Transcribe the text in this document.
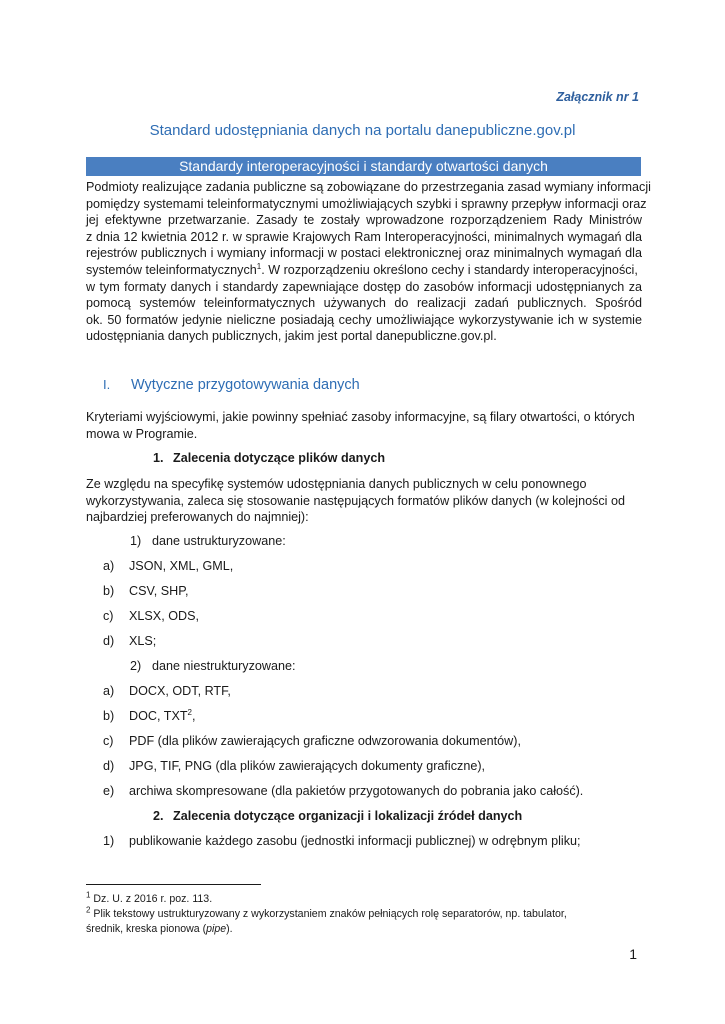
Załącznik nr 1
Standard udostępniania danych na portalu danepubliczne.gov.pl
Standardy interoperacyjności i standardy otwartości danych
Podmioty realizujące zadania publiczne są zobowiązane do przestrzegania zasad wymiany informacji
pomiędzy systemami teleinformatycznymi umożliwiających szybki i sprawny przepływ informacji oraz
jej efektywne przetwarzanie. Zasady te zostały wprowadzone rozporządzeniem Rady Ministrów
z dnia 12 kwietnia 2012 r. w sprawie Krajowych Ram Interoperacyjności, minimalnych wymagań dla
rejestrów publicznych i wymiany informacji w postaci elektronicznej oraz minimalnych wymagań dla
systemów teleinformatycznych$^1$. W rozporządzeniu określono cechy i standardy interoperacyjności,
w tym formaty danych i standardy zapewniające dostęp do zasobów informacji udostępnianych za
pomocą systemów teleinformatycznych używanych do realizacji zadań publicznych. Spośród
ok. 50 formatów jedynie nieliczne posiadają cechy umożliwiające wykorzystywanie ich w systemie
udostępniania danych publicznych, jakim jest portal danepubliczne.gov.pl.
I. Wytyczne przygotowywania danych
Kryteriami wyjściowymi, jakie powinny spełniać zasoby informacyjne, są filary otwartości, o których
mowa w Programie.
1. Zalecenia dotyczące plików danych
Ze względu na specyfikę systemów udostępniania danych publicznych w celu ponownego
wykorzystywania, zaleca się stosowanie następujących formatów plików danych (w kolejności od
najbardziej preferowanych do najmniej):
1) dane ustrukturyzowane:
a) JSON, XML, GML,
b) CSV, SHP,
c) XLSX, ODS,
d) XLS;
2) dane niestrukturyzowane:
a) DOCX, ODT, RTF,
b) DOC, TXT$^2$,
c) PDF (dla plików zawierających graficzne odwzorowania dokumentów),
d) JPG, TIF, PNG (dla plików zawierających dokumenty graficzne),
e) archiwa skompresowane (dla pakietów przygotowanych do pobrania jako całość).
2. Zalecenia dotyczące organizacji i lokalizacji źródeł danych
1) publikowanie każdego zasobu (jednostki informacji publicznej) w odrębnym pliku;
$^1$ Dz. U. z 2016 r. poz. 113.
$^2$ Plik tekstowy ustrukturyzowany z wykorzystaniem znaków pełniących rolę separatorów, np. tabulator,
średnik, kreska pionowa (pipe).
1
